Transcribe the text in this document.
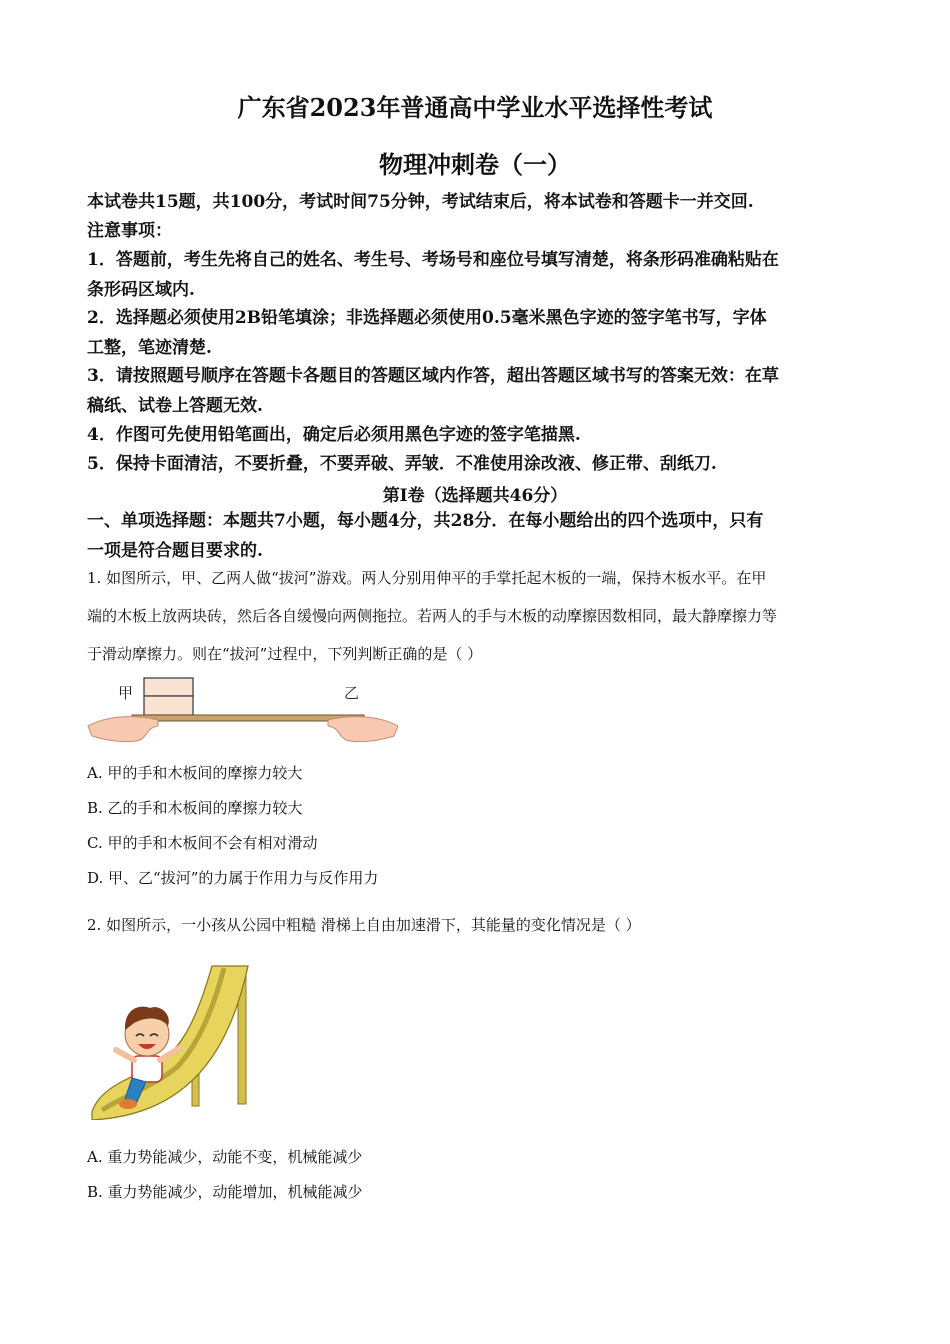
广东省2023年普通高中学业水平选择性考试
物理冲刺卷（一）
本试卷共15题，共100分，考试时间75分钟，考试结束后，将本试卷和答题卡一并交回.
注意事项：
1．答题前，考生先将自己的姓名、考生号、考场号和座位号填写清楚，将条形码准确粘贴在
条形码区域内.
2．选择题必须使用2B铅笔填涂；非选择题必须使用0.5毫米黑色字迹的签字笔书写，字体
工整，笔迹清楚.
3．请按照题号顺序在答题卡各题目的答题区域内作答，超出答题区域书写的答案无效：在草
稿纸、试卷上答题无效.
4．作图可先使用铅笔画出，确定后必须用黑色字迹的签字笔描黑.
5．保持卡面清洁，不要折叠，不要弄破、弄皱．不准使用涂改液、修正带、刮纸刀.
第Ⅰ卷（选择题共46分）
一、单项选择题：本题共7小题，每小题4分，共28分．在每小题给出的四个选项中，只有
一项是符合题目要求的.
1. 如图所示，甲、乙两人做“拔河”游戏。两人分别用伸平的手掌托起木板的一端，保持木板水平。在甲
端的木板上放两块砖，然后各自缓慢向两侧拖拉。若两人的手与木板的动摩擦因数相同，最大静摩擦力等
于滑动摩擦力。则在“拔河”过程中，下列判断正确的是（ ）
甲	乙
A. 甲的手和木板间的摩擦力较大
B. 乙的手和木板间的摩擦力较大
C. 甲的手和木板间不会有相对滑动
D. 甲、乙“拔河”的力属于作用力与反作用力
2. 如图所示，一小孩从公园中粗糙 滑梯上自由加速滑下，其能量的变化情况是（ ）
A. 重力势能减少，动能不变，机械能减少
B. 重力势能减少，动能增加，机械能减少
